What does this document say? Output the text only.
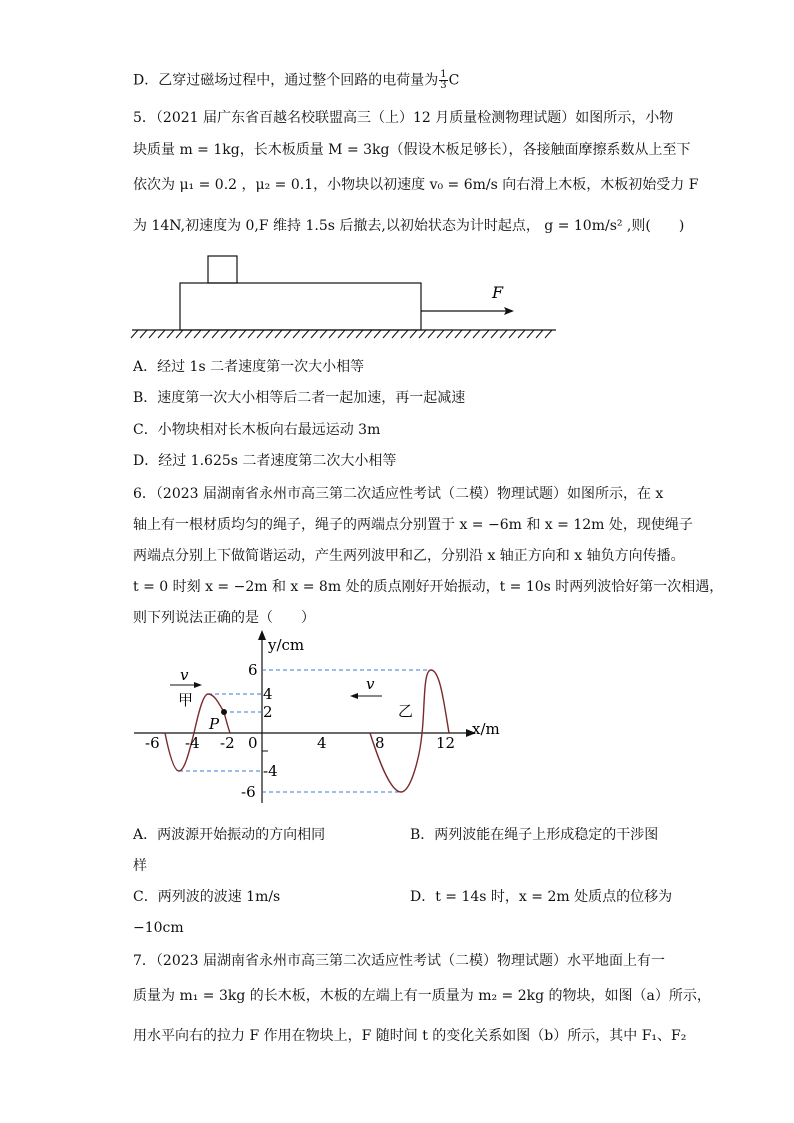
D．乙穿过磁场过程中，通过整个回路的电荷量为 $\frac{1}{3}$ C
5．（2021 届广东省百越名校联盟高三（上）12 月质量检测物理试题）如图所示，小物
块质量 m = 1kg，长木板质量 M = 3kg（假设木板足够长），各接触面摩擦系数从上至下
依次为 μ₁ = 0.2 ，μ₂ = 0.1，小物块以初速度 v₀ = 6m/s 向右滑上木板，木板初始受力 F
为 14N,初速度为 0,F 维持 1.5s 后撤去,以初始状态为计时起点， g = 10m/s² ,则(　　)
F
A．经过 1s 二者速度第一次大小相等
B．速度第一次大小相等后二者一起加速，再一起减速
C．小物块相对长木板向右最远运动 3m
D．经过 1.625s 二者速度第二次大小相等
6．（2023 届湖南省永州市高三第二次适应性考试（二模）物理试题）如图所示，在 x
轴上有一根材质均匀的绳子，绳子的两端点分别置于 x = −6m 和 x = 12m 处，现使绳子
两端点分别上下做简谐运动，产生两列波甲和乙，分别沿 x 轴正方向和 x 轴负方向传播。
t = 0 时刻 x = −2m 和 x = 8m 处的质点刚好开始振动，t = 10s 时两列波恰好第一次相遇，
则下列说法正确的是（　　）
y/cm
x/m
P
v
甲
v
乙
6
4
2
-4
-6
-6 -4 -2 0	4	8	12
A．两波源开始振动的方向相同	B．两列波能在绳子上形成稳定的干涉图
样
C．两列波的波速 1m/s	D．t = 14s 时，x = 2m 处质点的位移为
−10cm
7．（2023 届湖南省永州市高三第二次适应性考试（二模）物理试题）水平地面上有一
质量为 m₁ = 3kg 的长木板，木板的左端上有一质量为 m₂ = 2kg 的物块，如图（a）所示，
用水平向右的拉力 F 作用在物块上，F 随时间 t 的变化关系如图（b）所示，其中 F₁、F₂
